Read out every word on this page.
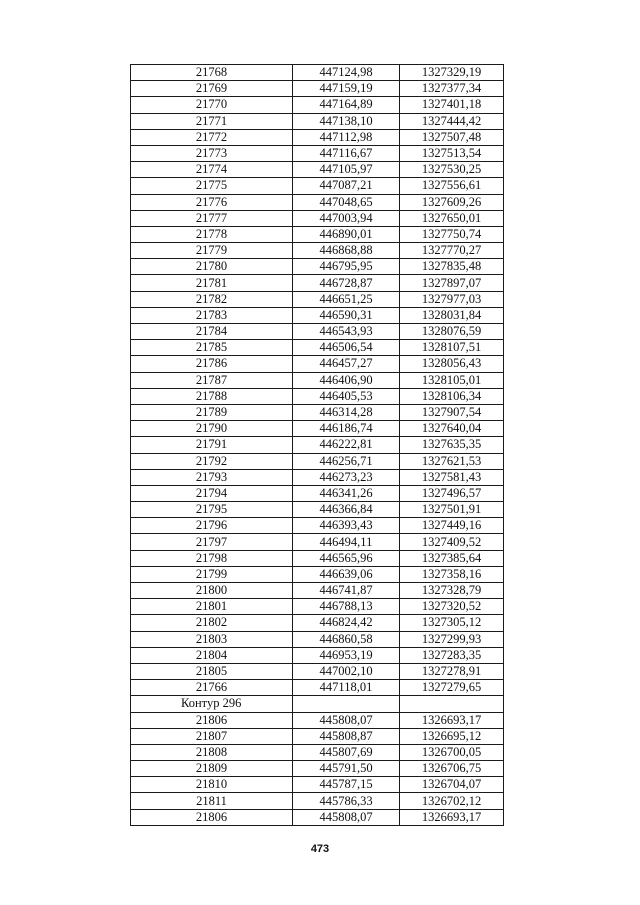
21768	447124,98	1327329,19
21769	447159,19	1327377,34
21770	447164,89	1327401,18
21771	447138,10	1327444,42
21772	447112,98	1327507,48
21773	447116,67	1327513,54
21774	447105,97	1327530,25
21775	447087,21	1327556,61
21776	447048,65	1327609,26
21777	447003,94	1327650,01
21778	446890,01	1327750,74
21779	446868,88	1327770,27
21780	446795,95	1327835,48
21781	446728,87	1327897,07
21782	446651,25	1327977,03
21783	446590,31	1328031,84
21784	446543,93	1328076,59
21785	446506,54	1328107,51
21786	446457,27	1328056,43
21787	446406,90	1328105,01
21788	446405,53	1328106,34
21789	446314,28	1327907,54
21790	446186,74	1327640,04
21791	446222,81	1327635,35
21792	446256,71	1327621,53
21793	446273,23	1327581,43
21794	446341,26	1327496,57
21795	446366,84	1327501,91
21796	446393,43	1327449,16
21797	446494,11	1327409,52
21798	446565,96	1327385,64
21799	446639,06	1327358,16
21800	446741,87	1327328,79
21801	446788,13	1327320,52
21802	446824,42	1327305,12
21803	446860,58	1327299,93
21804	446953,19	1327283,35
21805	447002,10	1327278,91
21766	447118,01	1327279,65
Контур 296		
21806	445808,07	1326693,17
21807	445808,87	1326695,12
21808	445807,69	1326700,05
21809	445791,50	1326706,75
21810	445787,15	1326704,07
21811	445786,33	1326702,12
21806	445808,07	1326693,17
473
